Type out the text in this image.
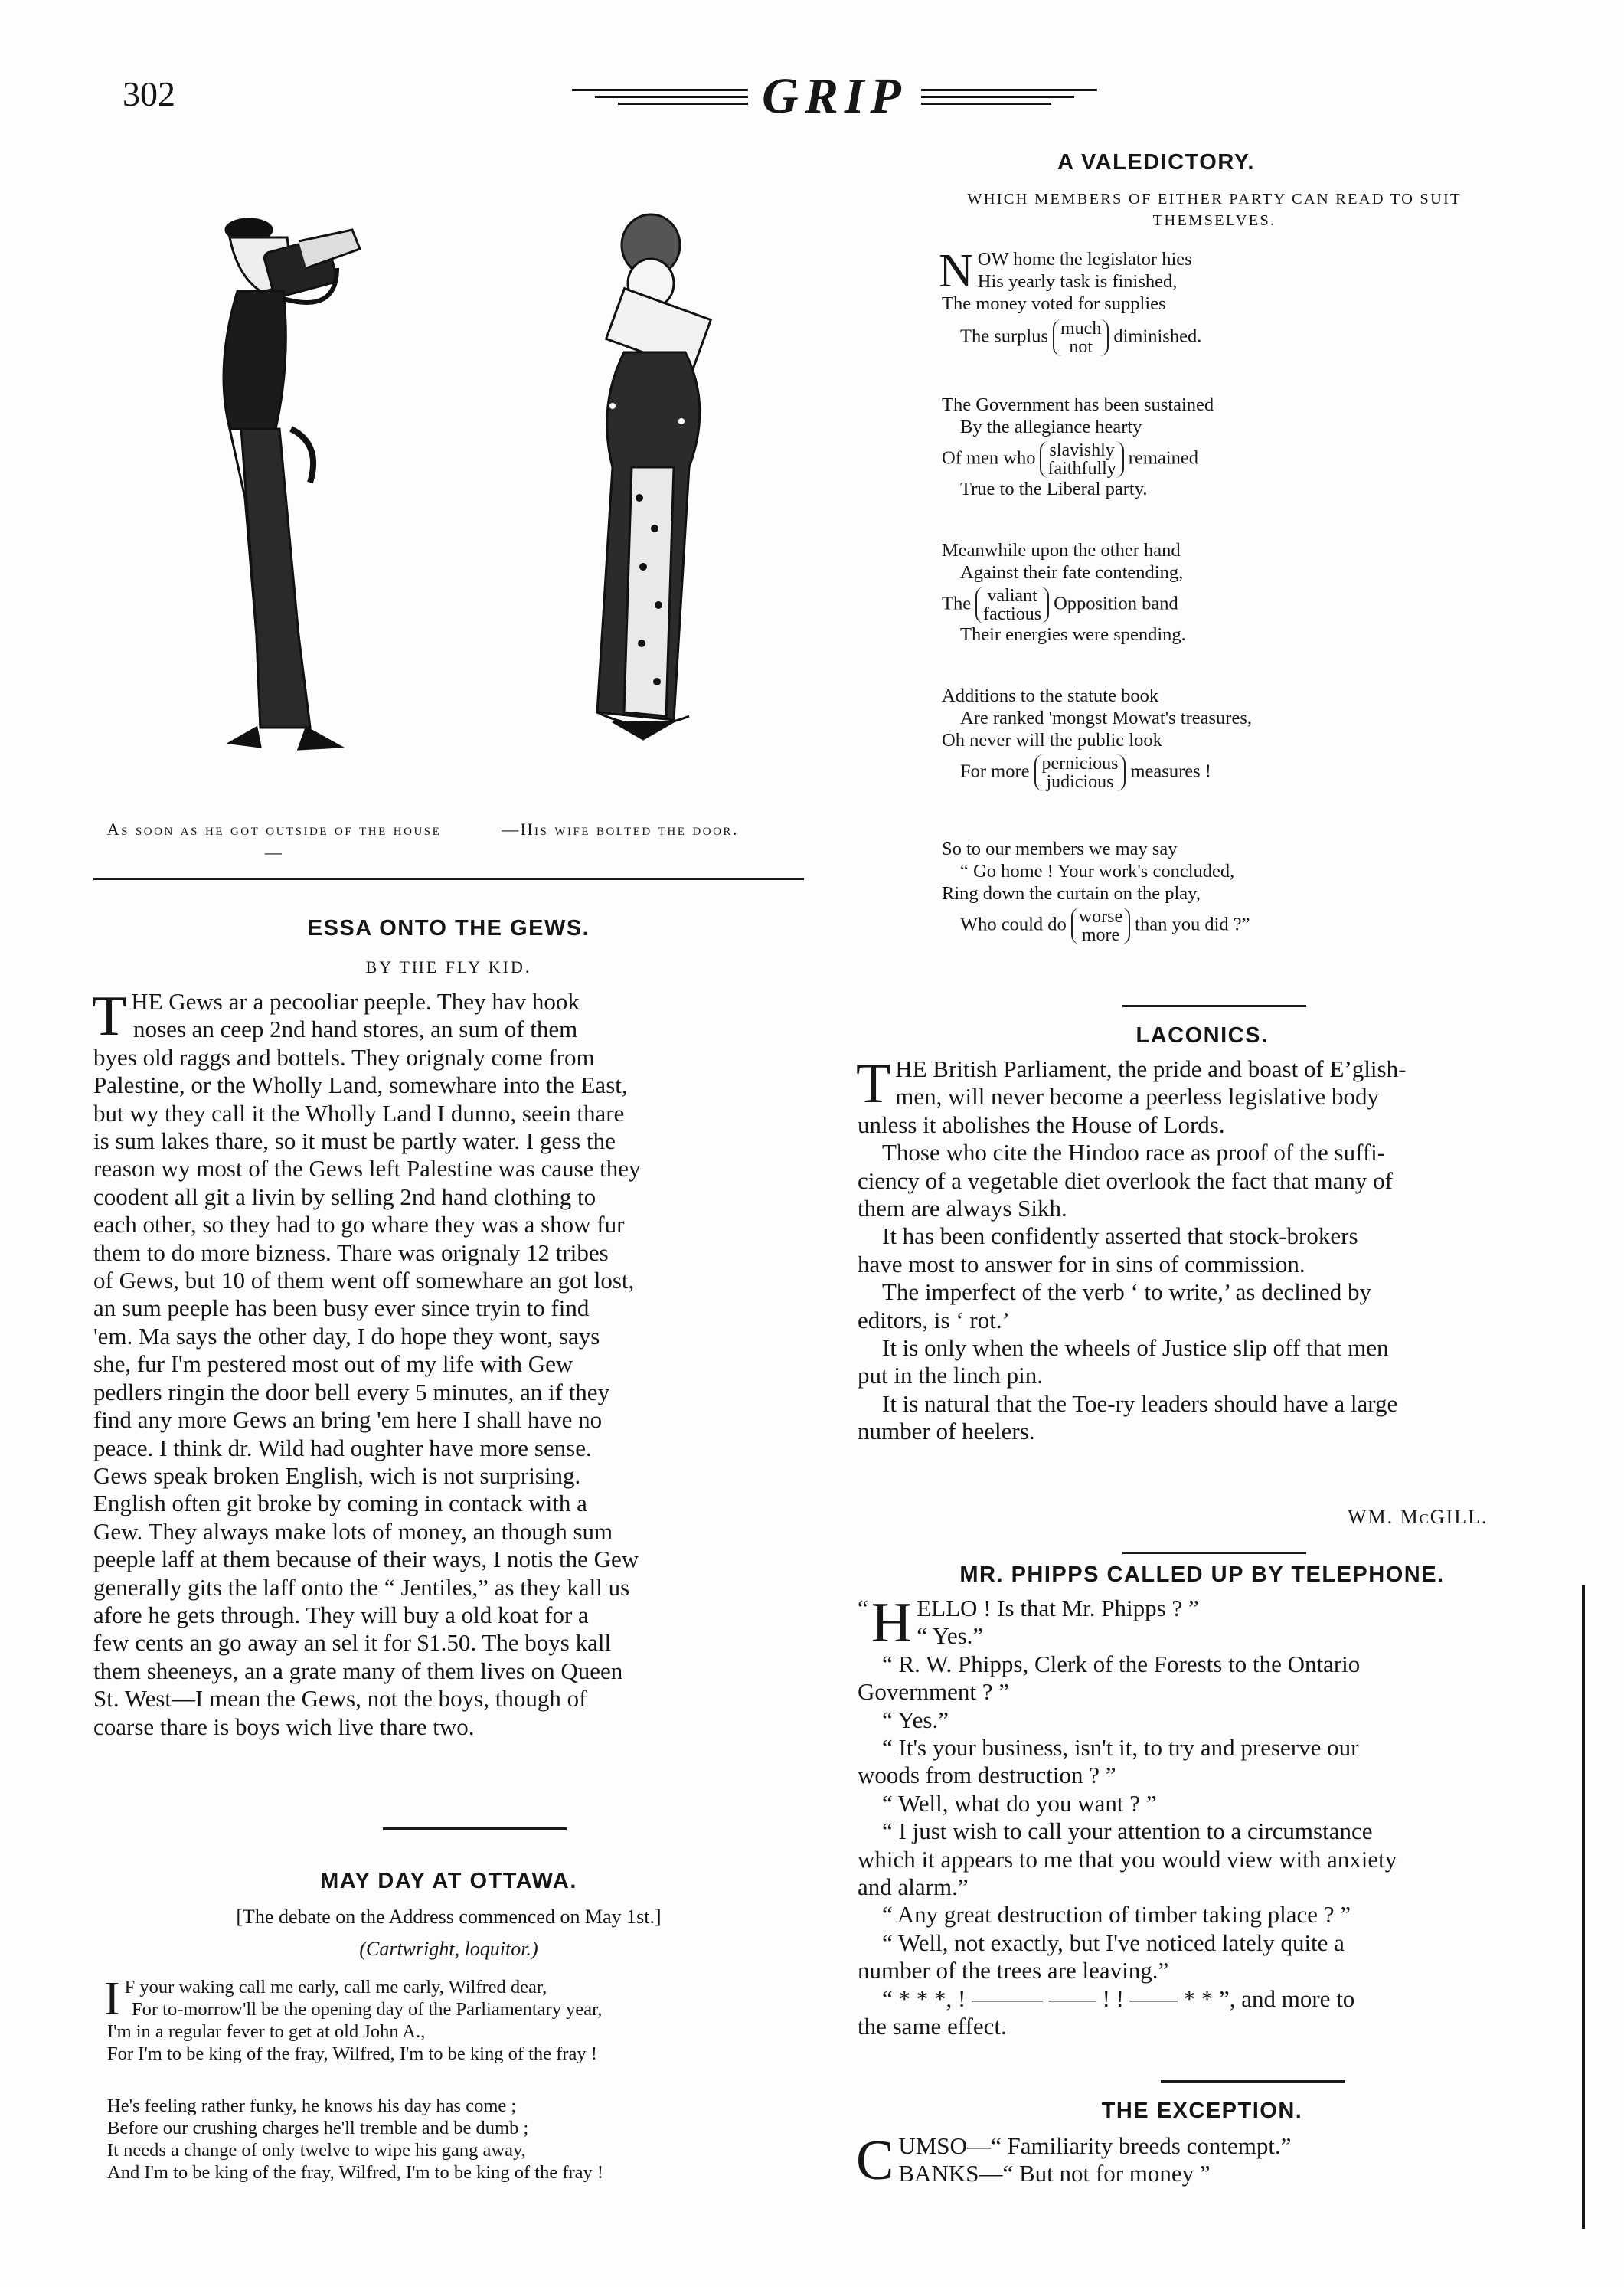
302	GRIP
As soon as he got outside of the house—
—His wife bolted the door.
ESSA ONTO THE GEWS.
BY THE FLY KID.
T HE Gews ar a pecooliar peeple. They hav hook
noses an ceep 2nd hand stores, an sum of them
byes old raggs and bottels. They orignaly come from
Palestine, or the Wholly Land, somewhare into the East,
but wy they call it the Wholly Land I dunno, seein thare
is sum lakes thare, so it must be partly water. I gess the
reason wy most of the Gews left Palestine was cause they
coodent all git a livin by selling 2nd hand clothing to
each other, so they had to go whare they was a show fur
them to do more bizness. Thare was orignaly 12 tribes
of Gews, but 10 of them went off somewhare an got lost,
an sum peeple has been busy ever since tryin to find
'em. Ma says the other day, I do hope they wont, says
she, fur I'm pestered most out of my life with Gew
pedlers ringin the door bell every 5 minutes, an if they
find any more Gews an bring 'em here I shall have no
peace. I think dr. Wild had oughter have more sense.
Gews speak broken English, wich is not surprising.
English often git broke by coming in contack with a
Gew. They always make lots of money, an though sum
peeple laff at them because of their ways, I notis the Gew
generally gits the laff onto the “ Jentiles,” as they kall us
afore he gets through. They will buy a old koat for a
few cents an go away an sel it for $1.50. The boys kall
them sheeneys, an a grate many of them lives on Queen
St. West—I mean the Gews, not the boys, though of
coarse thare is boys wich live thare two.
MAY DAY AT OTTAWA.
[The debate on the Address commenced on May 1st.]
(Cartwright, loquitor.)
I F your waking call me early, call me early, Wilfred dear,
For to-morrow'll be the opening day of the Parliamentary year,
I'm in a regular fever to get at old John A.,
For I'm to be king of the fray, Wilfred, I'm to be king of the fray !
He's feeling rather funky, he knows his day has come ;
Before our crushing charges he'll tremble and be dumb ;
It needs a change of only twelve to wipe his gang away,
And I'm to be king of the fray, Wilfred, I'm to be king of the fray !
A VALEDICTORY.
WHICH MEMBERS OF EITHER PARTY CAN READ TO SUIT
THEMSELVES.
N OW home the legislator hies
His yearly task is finished,
The money voted for supplies
The surplus much
not
diminished.
The Government has been sustained
By the allegiance hearty
Of men who slavishly
faithfully
remained
True to the Liberal party.
Meanwhile upon the other hand
Against their fate contending,
The valiant
factious
Opposition band
Their energies were spending.
Additions to the statute book
Are ranked 'mongst Mowat's treasures,
Oh never will the public look
For more pernicious
judicious
measures !
So to our members we may say
“ Go home ! Your work's concluded,
Ring down the curtain on the play,
Who could do worse
more
than you did ?”
LACONICS.
T HE British Parliament, the pride and boast of E’glish-
men, will never become a peerless legislative body
unless it abolishes the House of Lords.
Those who cite the Hindoo race as proof of the suffi-
ciency of a vegetable diet overlook the fact that many of
them are always Sikh.
It has been confidently asserted that stock-brokers
have most to answer for in sins of commission.
The imperfect of the verb ‘ to write,’ as declined by
editors, is ‘ rot.’
It is only when the wheels of Justice slip off that men
put in the linch pin.
It is natural that the Toe-ry leaders should have a large
number of heelers.
WM. McGILL.
MR. PHIPPS CALLED UP BY TELEPHONE.
“ H ELLO ! Is that Mr. Phipps ? ”
“ Yes.”
“ R. W. Phipps, Clerk of the Forests to the Ontario
Government ? ”
“ Yes.”
“ It's your business, isn't it, to try and preserve our
woods from destruction ? ”
“ Well, what do you want ? ”
“ I just wish to call your attention to a circumstance
which it appears to me that you would view with anxiety
and alarm.”
“ Any great destruction of timber taking place ? ”
“ Well, not exactly, but I've noticed lately quite a
number of the trees are leaving.”
“ * * *, ! ——— —— ! ! —— * * ”, and more to
the same effect.
THE EXCEPTION.
C UMSO—“ Familiarity breeds contempt.”
BANKS—“ But not for money ”
